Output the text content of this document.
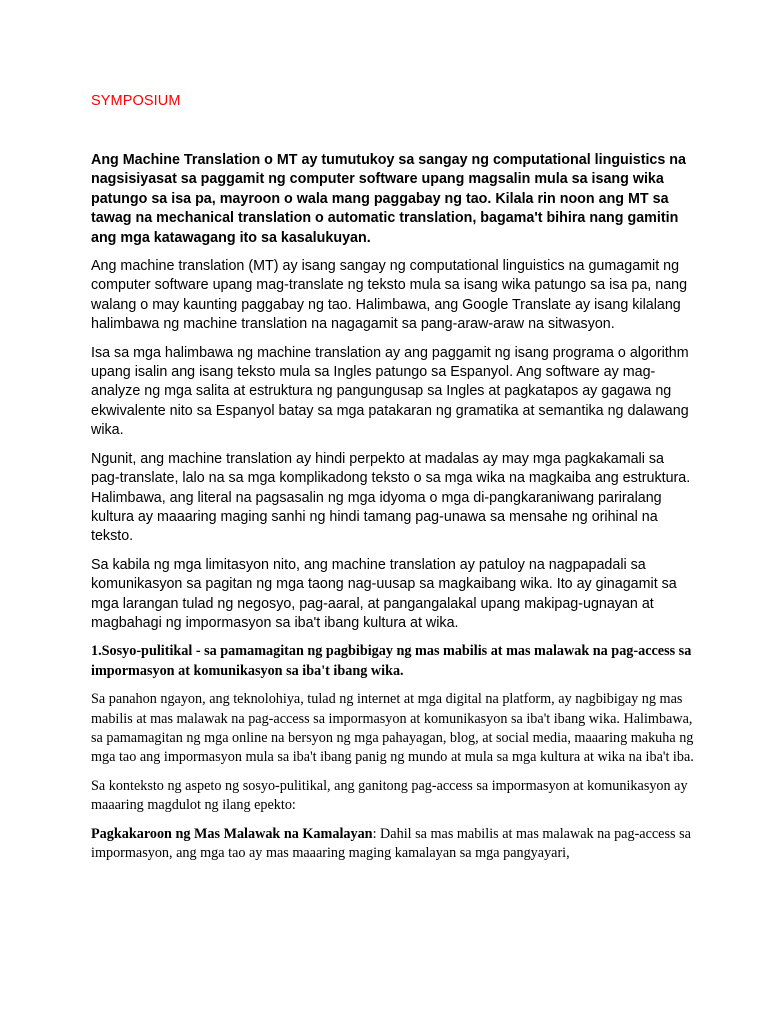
SYMPOSIUM

Ang Machine Translation o MT ay tumutukoy sa sangay ng computational linguistics na nagsisiyasat sa paggamit ng computer software upang magsalin mula sa isang wika patungo sa isa pa, mayroon o wala mang paggabay ng tao. Kilala rin noon ang MT sa tawag na mechanical translation o automatic translation, bagama't bihira nang gamitin ang mga katawagang ito sa kasalukuyan.

Ang machine translation (MT) ay isang sangay ng computational linguistics na gumagamit ng computer software upang mag-translate ng teksto mula sa isang wika patungo sa isa pa, nang walang o may kaunting paggabay ng tao. Halimbawa, ang Google Translate ay isang kilalang halimbawa ng machine translation na nagagamit sa pang-araw-araw na sitwasyon.

Isa sa mga halimbawa ng machine translation ay ang paggamit ng isang programa o algorithm upang isalin ang isang teksto mula sa Ingles patungo sa Espanyol. Ang software ay mag-analyze ng mga salita at estruktura ng pangungusap sa Ingles at pagkatapos ay gagawa ng ekwivalente nito sa Espanyol batay sa mga patakaran ng gramatika at semantika ng dalawang wika.

Ngunit, ang machine translation ay hindi perpekto at madalas ay may mga pagkakamali sa pag-translate, lalo na sa mga komplikadong teksto o sa mga wika na magkaiba ang estruktura. Halimbawa, ang literal na pagsasalin ng mga idyoma o mga di-pangkaraniwang pariralang kultura ay maaaring maging sanhi ng hindi tamang pag-unawa sa mensahe ng orihinal na teksto.

Sa kabila ng mga limitasyon nito, ang machine translation ay patuloy na nagpapadali sa komunikasyon sa pagitan ng mga taong nag-uusap sa magkaibang wika. Ito ay ginagamit sa mga larangan tulad ng negosyo, pag-aaral, at pangangalakal upang makipag-ugnayan at magbahagi ng impormasyon sa iba't ibang kultura at wika.

1.Sosyo-pulitikal - sa pamamagitan ng pagbibigay ng mas mabilis at mas malawak na pag-access sa impormasyon at komunikasyon sa iba't ibang wika.

Sa panahon ngayon, ang teknolohiya, tulad ng internet at mga digital na platform, ay nagbibigay ng mas mabilis at mas malawak na pag-access sa impormasyon at komunikasyon sa iba't ibang wika. Halimbawa, sa pamamagitan ng mga online na bersyon ng mga pahayagan, blog, at social media, maaaring makuha ng mga tao ang impormasyon mula sa iba't ibang panig ng mundo at mula sa mga kultura at wika na iba't iba.

Sa konteksto ng aspeto ng sosyo-pulitikal, ang ganitong pag-access sa impormasyon at komunikasyon ay maaaring magdulot ng ilang epekto:

Pagkakaroon ng Mas Malawak na Kamalayan: Dahil sa mas mabilis at mas malawak na pag-access sa impormasyon, ang mga tao ay mas maaaring maging kamalayan sa mga pangyayari,
